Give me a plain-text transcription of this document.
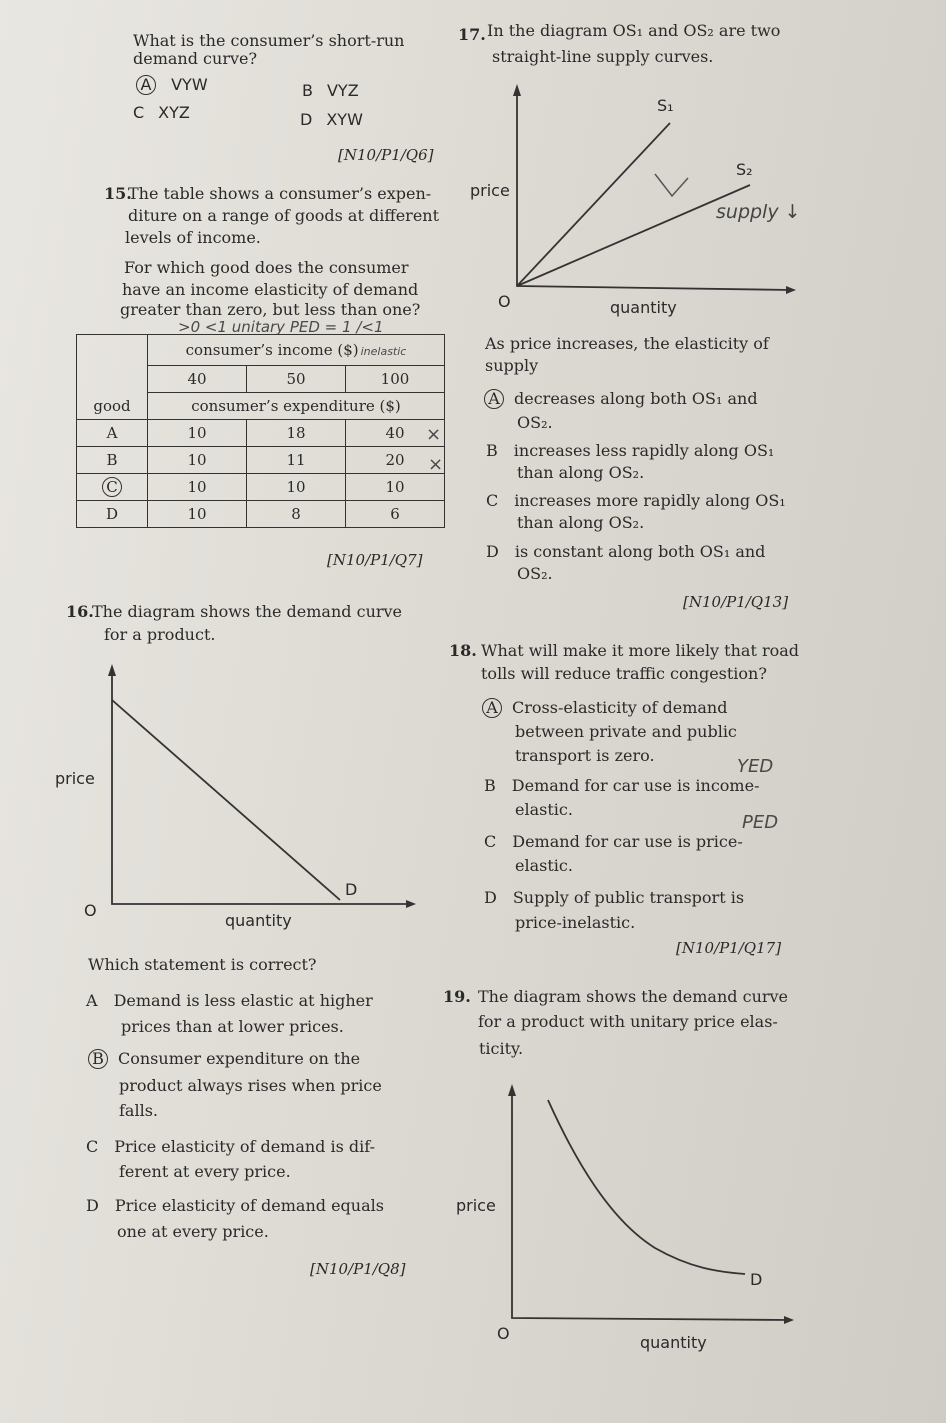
What is the consumer’s short-run
demand curve?
A VYW	B VYZ
C XYZ	D XYW
[N10/P1/Q6]
15.
The table shows a consumer’s expen-
diture on a range of goods at different
levels of income.
For which good does the consumer
have an income elasticity of demand
greater than zero, but less than one?
>0 <1 unitary PED = 1 /<1
	consumer’s income ($) inelastic		
	40	50	100
good	consumer’s expenditure ($)		
A	10	18	40
B	10	11	20
C	10	10	10
D	10	8	6
×
×
[N10/P1/Q7]
16.
The diagram shows the demand curve
for a product.
price
quantity
O
D
Which statement is correct?
A Demand is less elastic at higher
prices than at lower prices.
B Consumer expenditure on the
product always rises when price
falls.
C Price elasticity of demand is dif-
ferent at every price.
D Price elasticity of demand equals
one at every price.
[N10/P1/Q8]
17. In the diagram OS₁ and OS₂ are two
straight-line supply curves.
price
quantity
O
S₁
S₂
supply ↓
As price increases, the elasticity of
supply
A decreases along both OS₁ and
OS₂.
B increases less rapidly along OS₁
than along OS₂.
C increases more rapidly along OS₁
than along OS₂.
D is constant along both OS₁ and
OS₂.
[N10/P1/Q13]
18. What will make it more likely that road
tolls will reduce traffic congestion?
A Cross-elasticity of demand
between private and public
transport is zero.
YED
B Demand for car use is income-
elastic.
PED
C Demand for car use is price-
elastic.
D Supply of public transport is
price-inelastic.
[N10/P1/Q17]
19. The diagram shows the demand curve
for a product with unitary price elas-
ticity.
price
quantity
O
D
